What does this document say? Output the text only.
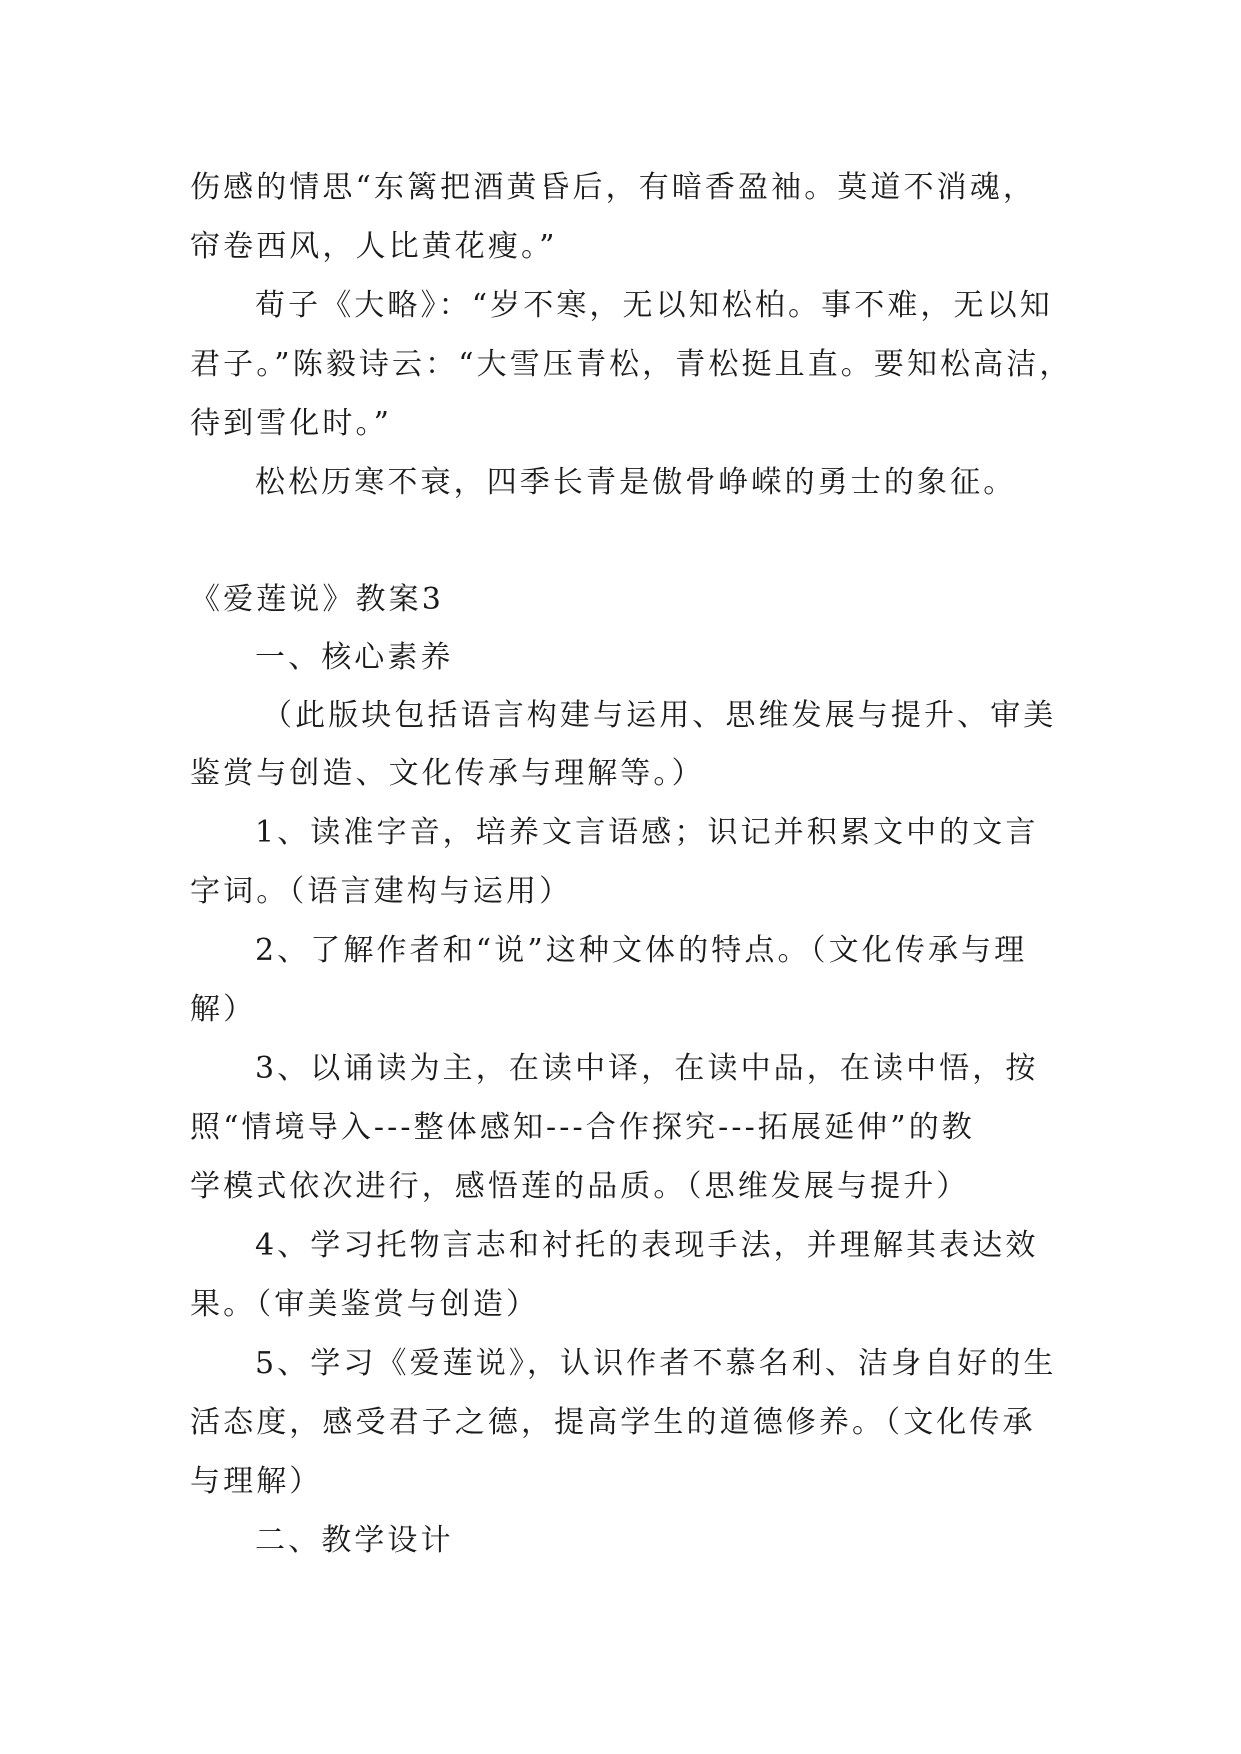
伤感的情思“东篱把酒黄昏后，有暗香盈袖。莫道不消魂，
帘卷西风，人比黄花瘦。”
荀子《大略》：“岁不寒，无以知松柏。事不难，无以知
君子。”陈毅诗云：“大雪压青松，青松挺且直。要知松高洁，
待到雪化时。”
松松历寒不衰，四季长青是傲骨峥嵘的勇士的象征。
《爱莲说》教案3
一、核心素养
（此版块包括语言构建与运用、思维发展与提升、审美
鉴赏与创造、文化传承与理解等。）
1、读准字音，培养文言语感；识记并积累文中的文言
字词。（语言建构与运用）
2、了解作者和“说”这种文体的特点。（文化传承与理
解）
3、以诵读为主，在读中译，在读中品，在读中悟，按
照“情境导入---整体感知---合作探究---拓展延伸”的教
学模式依次进行，感悟莲的品质。（思维发展与提升）
4、学习托物言志和衬托的表现手法，并理解其表达效
果。（审美鉴赏与创造）
5、学习《爱莲说》，认识作者不慕名利、洁身自好的生
活态度，感受君子之德，提高学生的道德修养。（文化传承
与理解）
二、教学设计
